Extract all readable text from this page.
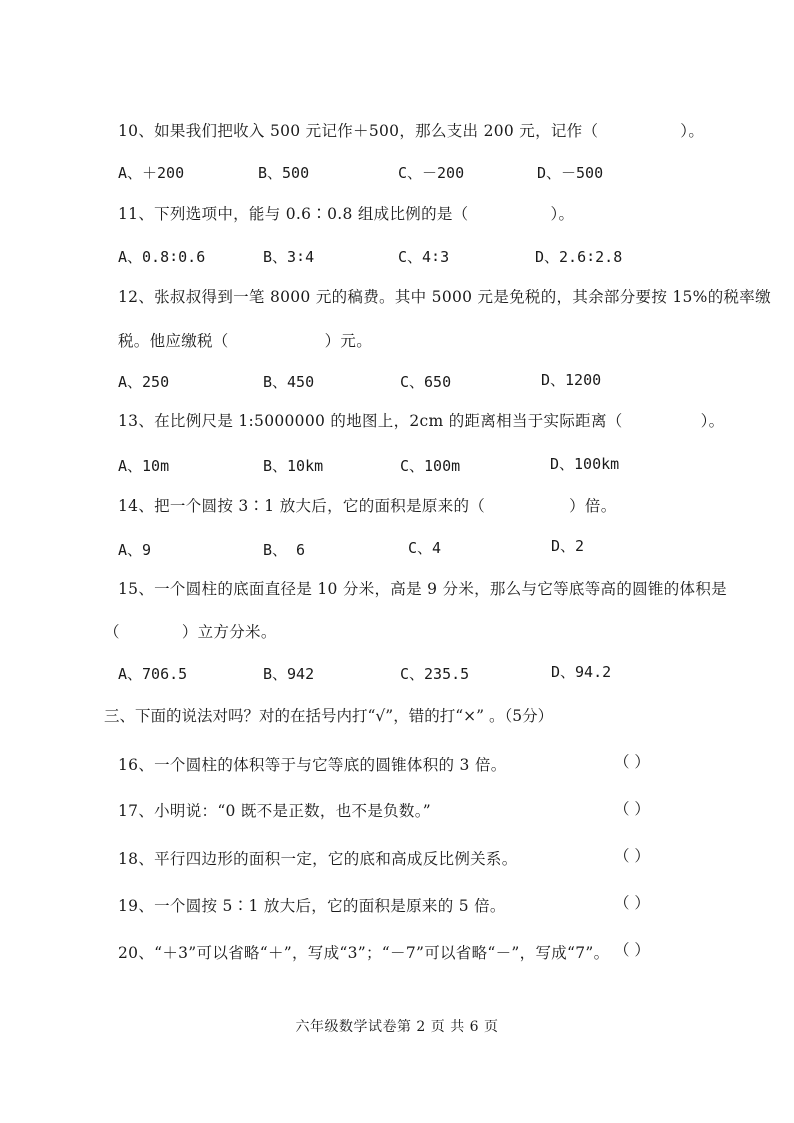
10、如果我们把收入 500 元记作＋500，那么支出 200 元，记作（	）。
A、＋200	B、500	C、－200	D、－500
11、下列选项中，能与 0.6∶0.8 组成比例的是（	）。
A、0.8∶0.6	B、3∶4	C、4∶3	D、2.6∶2.8
12、张叔叔得到一笔 8000 元的稿费。其中 5000 元是免税的，其余部分要按 15%的税率缴
税。他应缴税（	）元。
A、250	B、450	C、650	D、1200
13、在比例尺是 1:5000000 的地图上，2cm 的距离相当于实际距离（	）。
A、10m	B、10km	C、100m	D、100km
14、把一个圆按 3∶1 放大后，它的面积是原来的（	）倍。
A、9	B、 6	C、4	D、2
15、一个圆柱的底面直径是 10 分米，高是 9 分米，那么与它等底等高的圆锥的体积是
（	）立方分米。
A、706.5	B、942	C、235.5	D、94.2
三、下面的说法对吗？对的在括号内打“√”，错的打“×” 。（5分）
16、一个圆柱的体积等于与它等底的圆锥体积的 3 倍。	（ ）
17、小明说：“0 既不是正数，也不是负数。”	（ ）
18、平行四边形的面积一定，它的底和高成反比例关系。	（ ）
19、一个圆按 5∶1 放大后，它的面积是原来的 5 倍。	（ ）
20、“＋3”可以省略“＋”，写成“3”；“－7”可以省略“－”，写成“7”。 （ ）
六年级数学试卷第 2 页 共 6 页
